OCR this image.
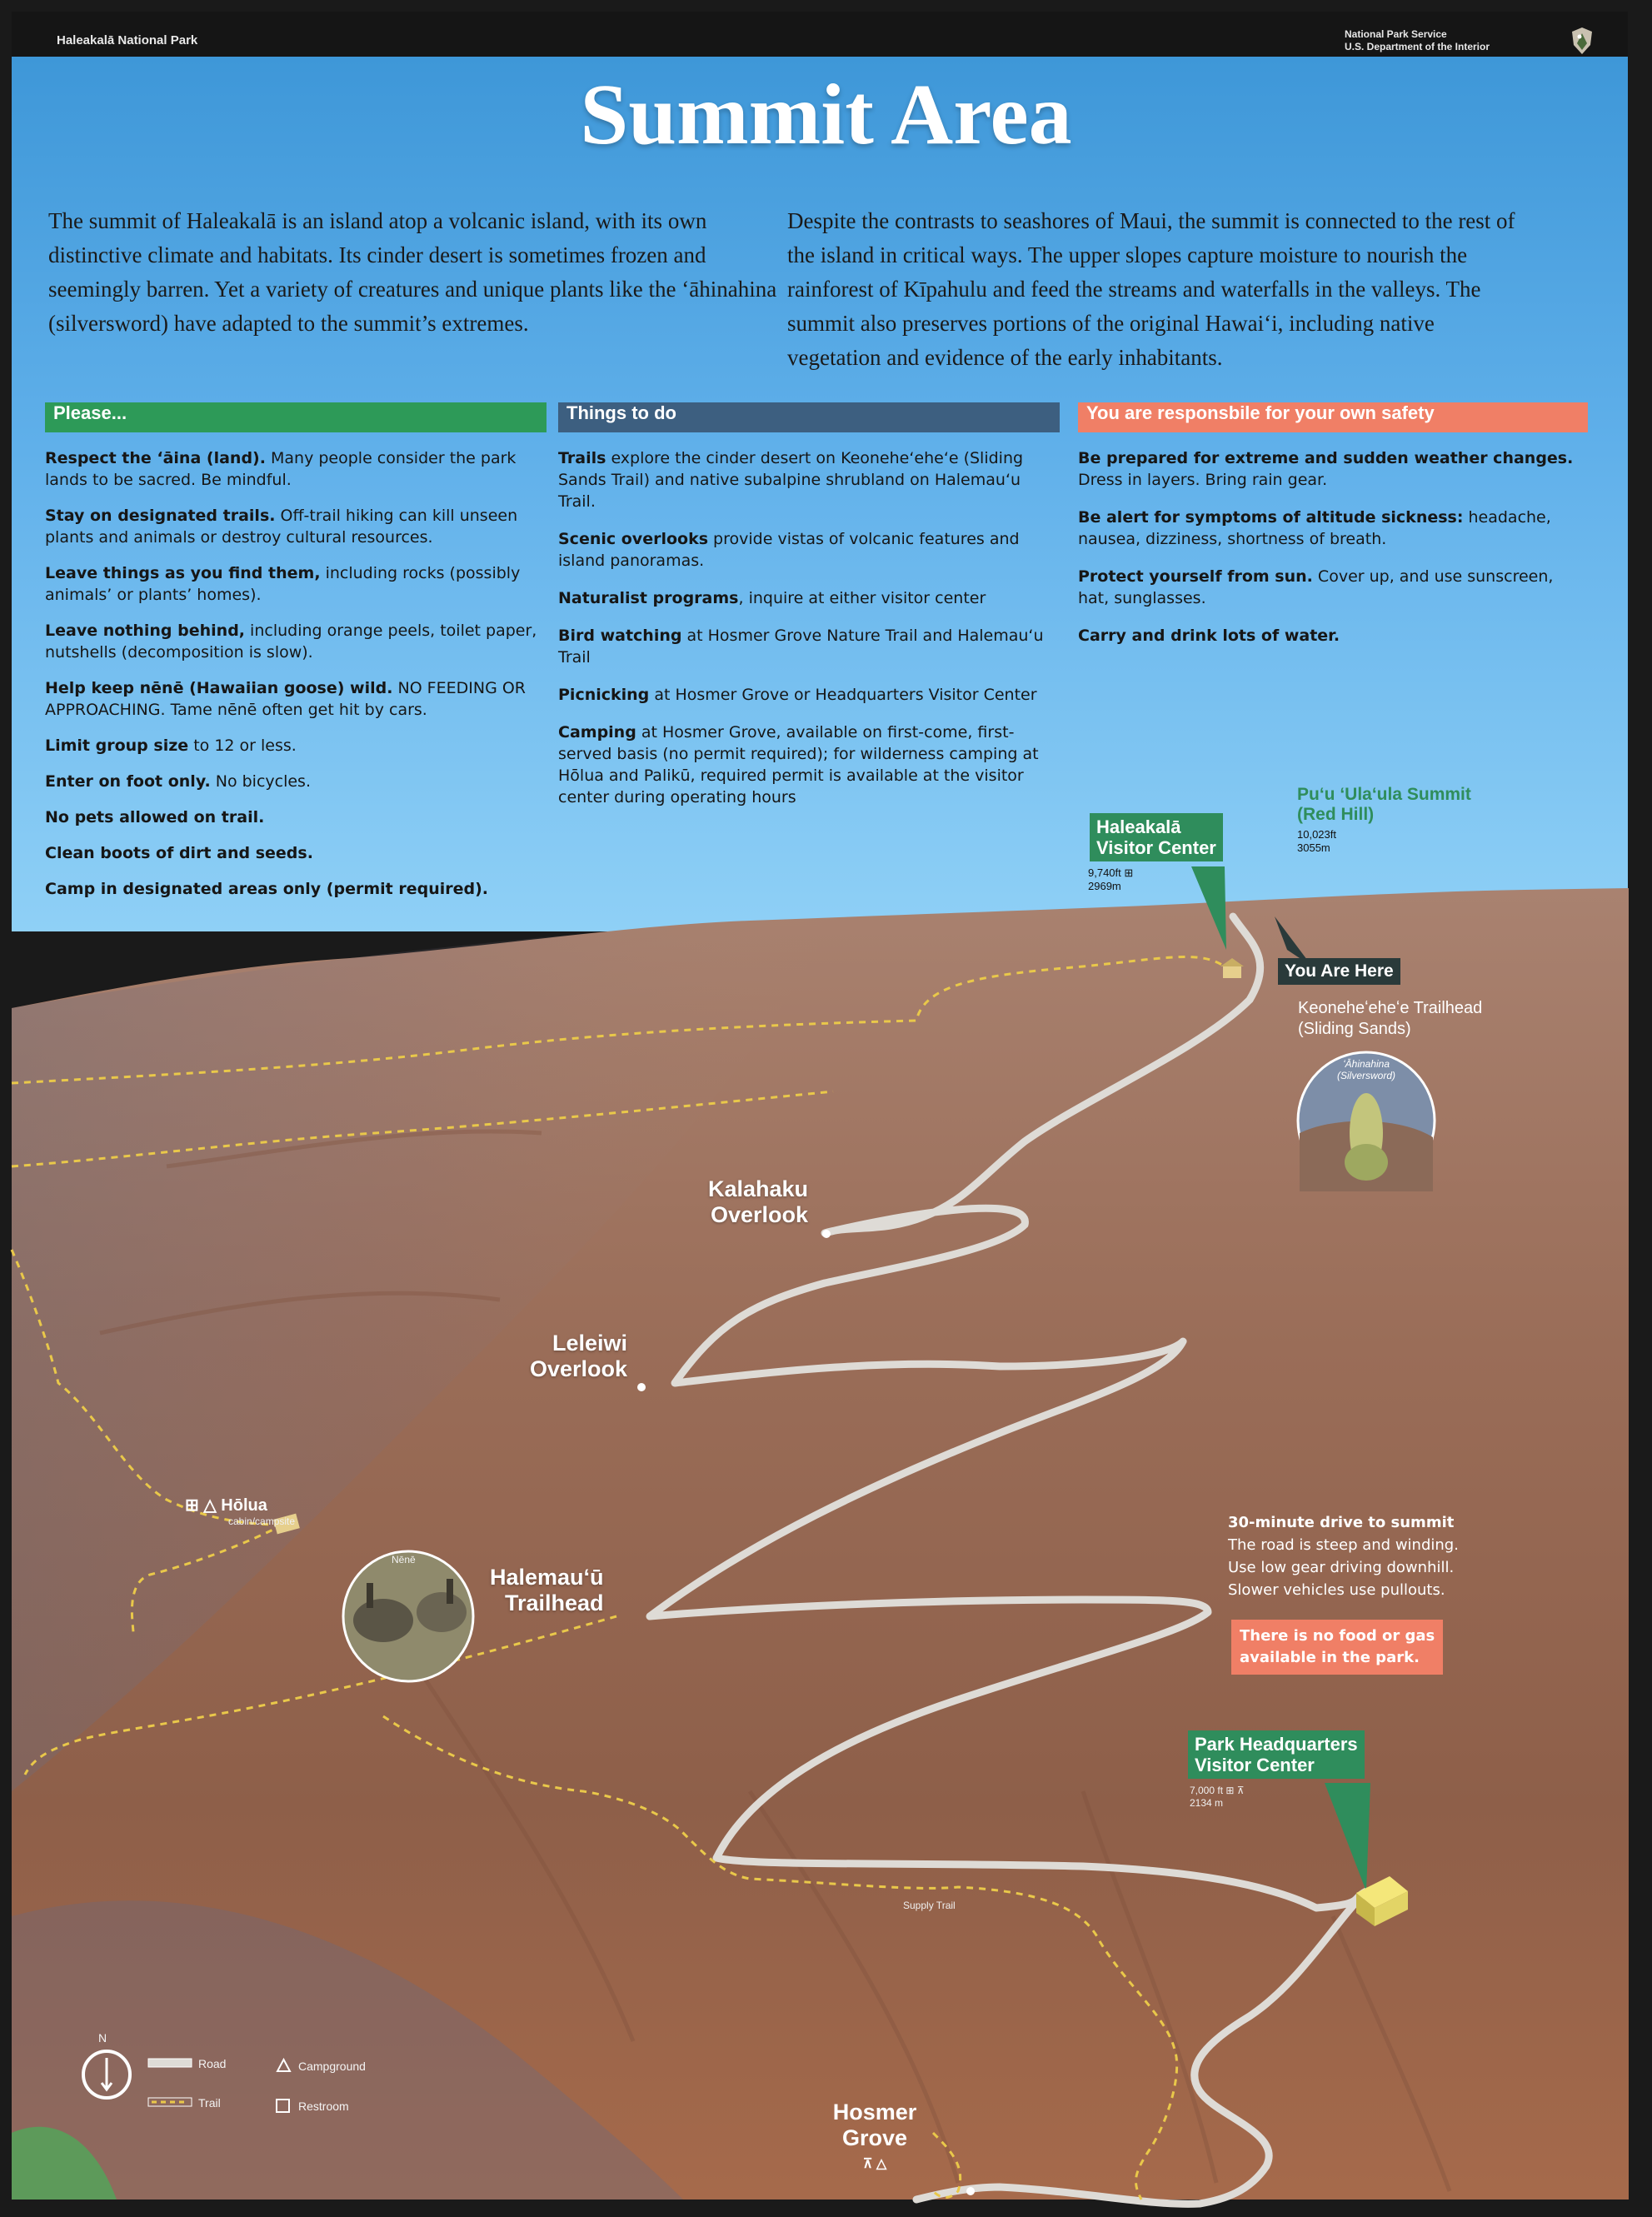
Haleakalā National Park	National Park Service
U.S. Department of the Interior
Summit Area
The summit of Haleakalā is an island atop a volcanic island, with its own distinctive climate and habitats. Its cinder desert is sometimes frozen and seemingly barren. Yet a variety of creatures and unique plants like the ʻāhinahina (silversword) have adapted to the summit’s extremes.
Despite the contrasts to seashores of Maui, the summit is connected to the rest of the island in critical ways. The upper slopes capture moisture to nourish the rainforest of Kīpahulu and feed the streams and waterfalls in the valleys. The summit also preserves portions of the original Hawaiʻi, including native vegetation and evidence of the early inhabitants.
Please...
Respect the ʻāina (land). Many people consider the park lands to be sacred. Be mindful.
Stay on designated trails. Off-trail hiking can kill unseen plants and animals or destroy cultural resources.
Leave things as you find them, including rocks (possibly animals’ or plants’ homes).
Leave nothing behind, including orange peels, toilet paper, nutshells (decomposition is slow).
Help keep nēnē (Hawaiian goose) wild. NO FEEDING OR APPROACHING. Tame nēnē often get hit by cars.
Limit group size to 12 or less.
Enter on foot only. No bicycles.
No pets allowed on trail.
Clean boots of dirt and seeds.
Camp in designated areas only (permit required).
Things to do
Trails explore the cinder desert on Keoneheʻeheʻe (Sliding Sands Trail) and native subalpine shrubland on Halemauʻu Trail.
Scenic overlooks provide vistas of volcanic features and island panoramas.
Naturalist programs, inquire at either visitor center
Bird watching at Hosmer Grove Nature Trail and Halemauʻu Trail
Picnicking at Hosmer Grove or Headquarters Visitor Center
Camping at Hosmer Grove, available on first-come, first-served basis (no permit required); for wilderness camping at Hōlua and Palikū, required permit is available at the visitor center during operating hours
You are responsbile for your own safety
Be prepared for extreme and sudden weather changes. Dress in layers. Bring rain gear.
Be alert for symptoms of altitude sickness: headache, nausea, dizziness, shortness of breath.
Protect yourself from sun. Cover up, and use sunscreen, hat, sunglasses.
Carry and drink lots of water.
Haleakalā
Visitor Center
9,740ft ⊞
2969m
Puʻu ʻUlaʻula Summit
(Red Hill)
10,023ft
3055m
You Are Here
Keoneheʻeheʻe Trailhead
(Sliding Sands)
ʻĀhinahina
(Silversword)
Kalahaku
Overlook
Leleiwi
Overlook
⊞ △ Hōlua
cabin/campsite
Nēnē
Halemauʻū
Trailhead
30-minute drive to summit
The road is steep and winding.
Use low gear driving downhill.
Slower vehicles use pullouts.
There is no food or gas
available in the park.
Park Headquarters
Visitor Center
7,000 ft ⊞ ⊼
2134 m
Supply Trail
Hosmer
Grove
⊼ △
N
Road
Trail
Campground
Restroom
